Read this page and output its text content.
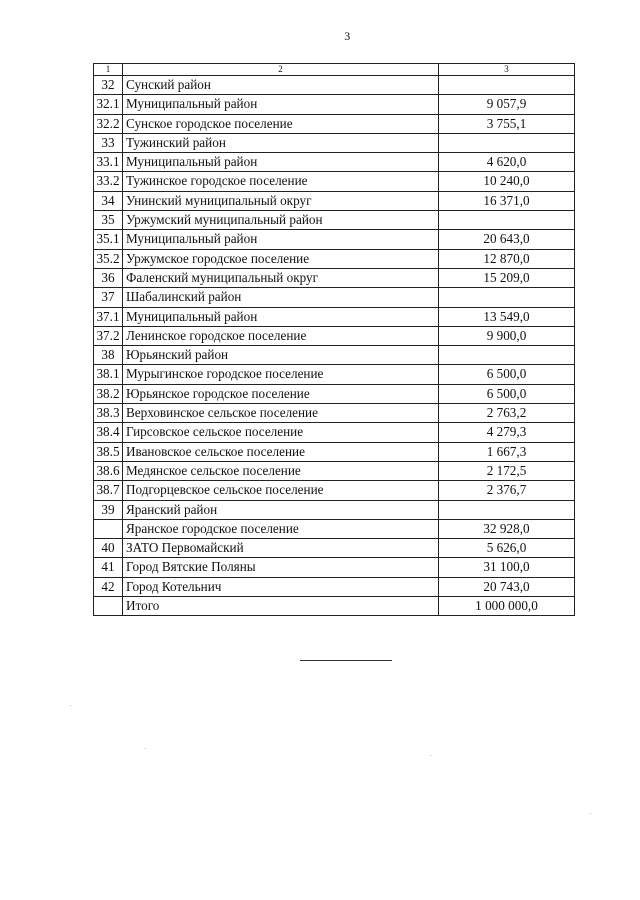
3
1	2	3
32	Сунский район	
32.1	Муниципальный район	9 057,9
32.2	Сунское городское поселение	3 755,1
33	Тужинский район	
33.1	Муниципальный район	4 620,0
33.2	Тужинское городское поселение	10 240,0
34	Унинский муниципальный округ	16 371,0
35	Уржумский муниципальный район	
35.1	Муниципальный район	20 643,0
35.2	Уржумское городское поселение	12 870,0
36	Фаленский муниципальный округ	15 209,0
37	Шабалинский район	
37.1	Муниципальный район	13 549,0
37.2	Ленинское городское поселение	9 900,0
38	Юрьянский район	
38.1	Мурыгинское городское поселение	6 500,0
38.2	Юрьянское городское поселение	6 500,0
38.3	Верховинское сельское поселение	2 763,2
38.4	Гирсовское сельское поселение	4 279,3
38.5	Ивановское сельское поселение	1 667,3
38.6	Медянское сельское поселение	2 172,5
38.7	Подгорцевское сельское поселение	2 376,7
39	Яранский район	
	Яранское городское поселение	32 928,0
40	ЗАТО Первомайский	5 626,0
41	Город Вятские Поляны	31 100,0
42	Город Котельнич	20 743,0
	Итого	1 000 000,0
